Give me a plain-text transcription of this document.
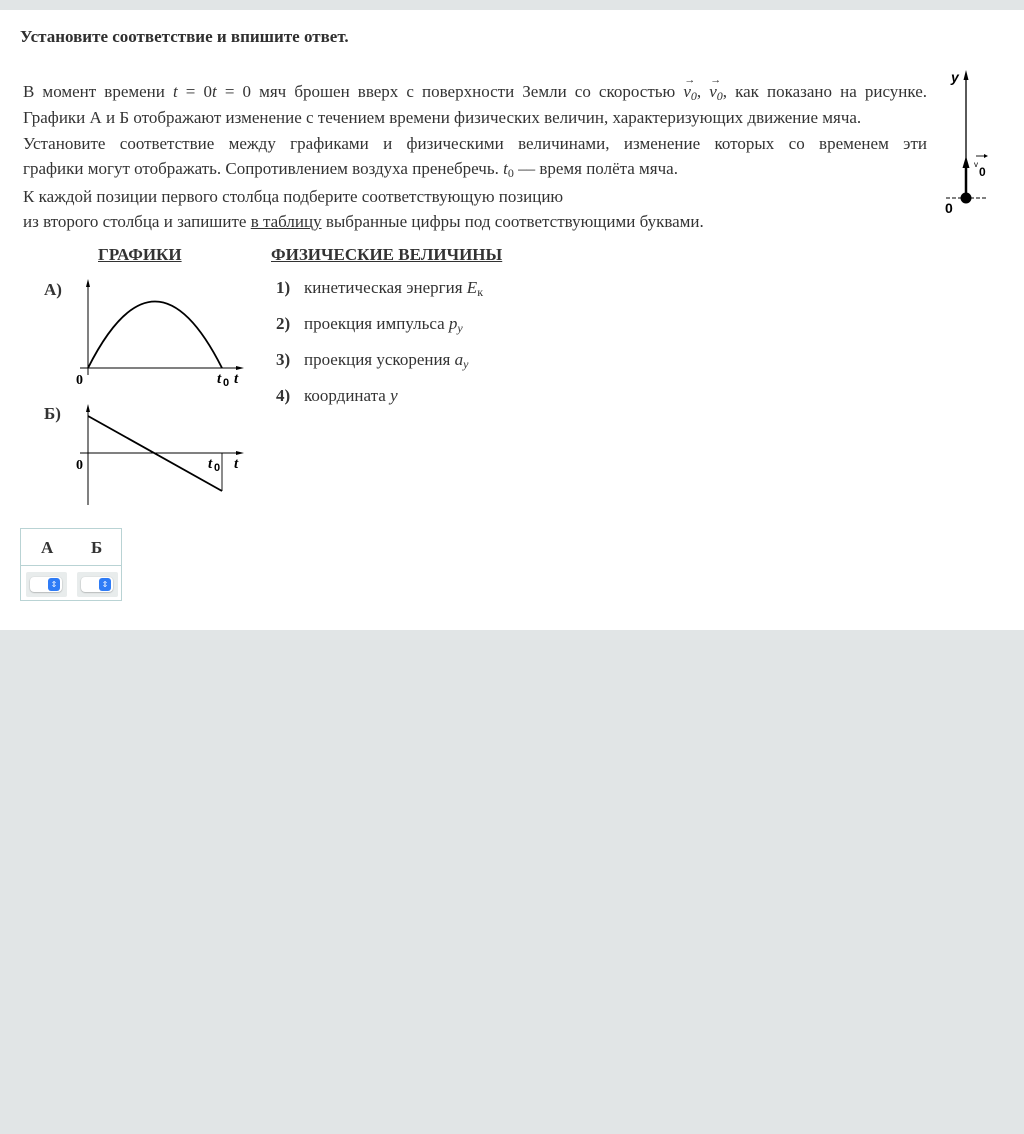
Установите соответствие и впишите ответ.
В момент времени t = 0t = 0 мяч брошен вверх с поверхности Земли со скоростью → $v_0$, → $v_0$, как показано на рисунке.
Графики А и Б отображают изменение с течением времени физических величин, характеризующих движение мяча.
Установите соответствие между графиками и физическими величинами, изменение которых со временем эти
графики могут отображать. Сопротивлением воздуха пренебречь. $t_0$ –– время полёта мяча.
К каждой позиции первого столбца подберите соответствующую позицию
из второго столбца и запишите в таблицу выбранные цифры под соответствующими буквами.
y
0
v
0
ГРАФИКИ	ФИЗИЧЕСКИЕ ВЕЛИЧИНЫ
А)
Б)
0	t 0 t
0	t 0 t
1) кинетическая энергия $E_к$
2) проекция импульса $p_y$
3) проекция ускорения $a_y$
4) координата y
А Б
⇕	⇕
